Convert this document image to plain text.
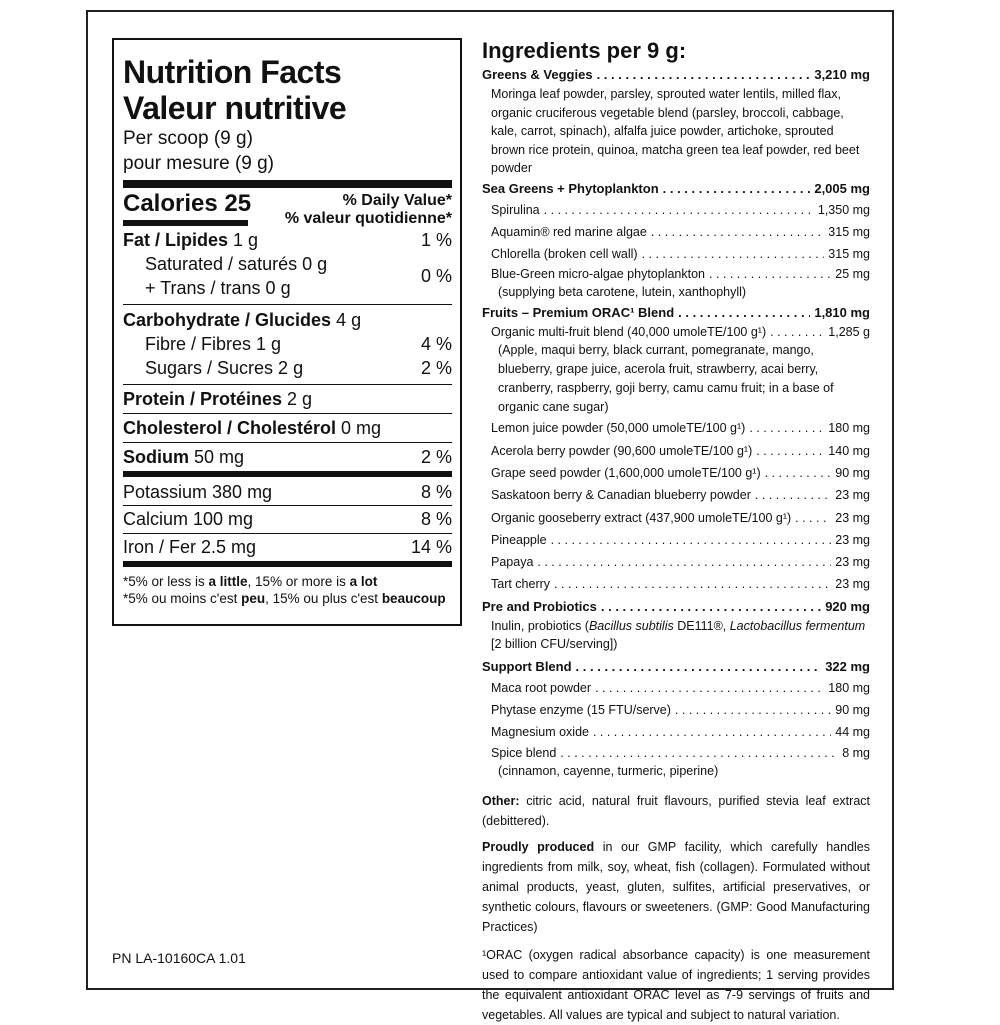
Nutrition Facts
Valeur nutritive
Per scoop (9 g)
pour mesure (9 g)
Calories 25	% Daily Value*
% valeur quotidienne*
Fat / Lipides 1 g	1 %
Saturated / saturés 0 g
+ Trans / trans 0 g
0 %
Carbohydrate / Glucides 4 g
Fibre / Fibres 1 g	4 %
Sugars / Sucres 2 g	2 %
Protein / Protéines 2 g
Cholesterol / Cholestérol 0 mg
Sodium 50 mg	2 %
Potassium 380 mg	8 %
Calcium 100 mg	8 %
Iron / Fer 2.5 mg	14 %
*5% or less is a little, 15% or more is a lot
*5% ou moins c'est peu, 15% ou plus c'est beaucoup
Ingredients per 9 g:
Greens & Veggies . . .	3,210 mg
Moringa leaf powder, parsley, sprouted water lentils, milled flax, organic cruciferous vegetable blend (parsley, broccoli, cabbage, kale, carrot, spinach), alfalfa juice powder, artichoke, sprouted brown rice protein, quinoa, matcha green tea leaf powder, red beet powder
Sea Greens + Phytoplankton . . .	2,005 mg
Spirulina . . .	1,350 mg
Aquamin® red marine algae . . .	315 mg
Chlorella (broken cell wall) . . .	315 mg
Blue-Green micro-algae phytoplankton . . .	25 mg
(supplying beta carotene, lutein, xanthophyll)
Fruits – Premium ORAC¹ Blend . . .	1,810 mg
Organic multi-fruit blend (40,000 umoleTE/100 g¹) . . .	1,285 g
(Apple, maqui berry, black currant, pomegranate, mango, blueberry, grape juice, acerola fruit, strawberry, acai berry, cranberry, raspberry, goji berry, camu camu fruit; in a base of organic cane sugar)
Lemon juice powder (50,000 umoleTE/100 g¹) . . .	180 mg
Acerola berry powder (90,600 umoleTE/100 g¹) . . .	140 mg
Grape seed powder (1,600,000 umoleTE/100 g¹) . . .	90 mg
Saskatoon berry & Canadian blueberry powder . . .	23 mg
Organic gooseberry extract (437,900 umoleTE/100 g¹) . . .	23 mg
Pineapple . . .	23 mg
Papaya . . .	23 mg
Tart cherry . . .	23 mg
Pre and Probiotics . . .	920 mg
Inulin, probiotics (Bacillus subtilis DE111®, Lactobacillus fermentum
[2 billion CFU/serving])
Support Blend . . .	322 mg
Maca root powder . . .	180 mg
Phytase enzyme (15 FTU/serve) . . .	90 mg
Magnesium oxide . . .	44 mg
Spice blend . . .	8 mg
(cinnamon, cayenne, turmeric, piperine)
Other: citric acid, natural fruit flavours, purified stevia leaf extract (debittered).
Proudly produced in our GMP facility, which carefully handles ingredients from milk, soy, wheat, fish (collagen). Formulated without animal products, yeast, gluten, sulfites, artificial preservatives, or synthetic colours, flavours or sweeteners. (GMP: Good Manufacturing Practices)
¹ORAC (oxygen radical absorbance capacity) is one measurement used to compare antioxidant value of ingredients; 1 serving provides the equivalent antioxidant ORAC level as 7-9 servings of fruits and vegetables. All values are typical and subject to natural variation.
PN LA-10160CA 1.01
